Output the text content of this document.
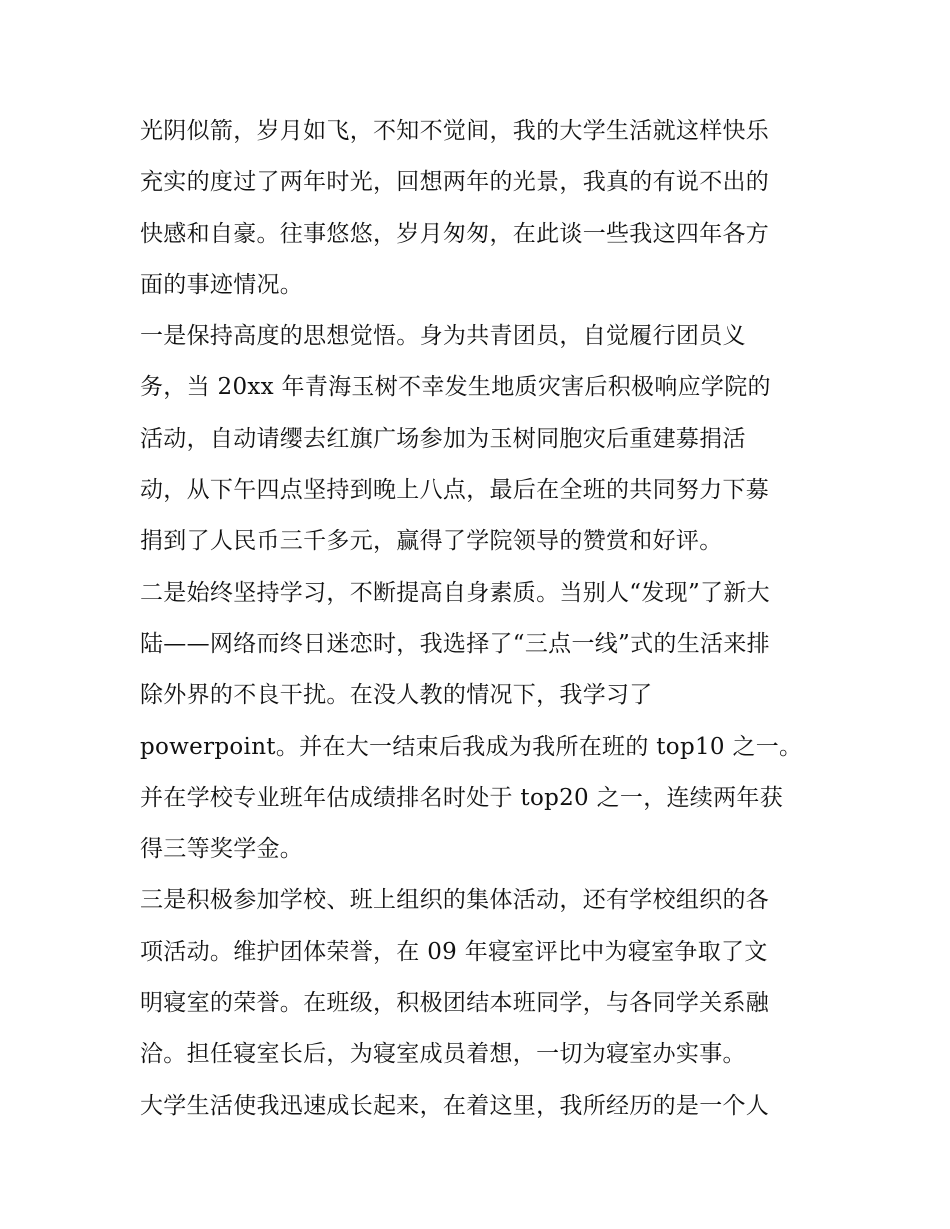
光阴似箭，岁月如飞，不知不觉间，我的大学生活就这样快乐
充实的度过了两年时光，回想两年的光景，我真的有说不出的
快感和自豪。往事悠悠，岁月匆匆，在此谈一些我这四年各方
面的事迹情况。
一是保持高度的思想觉悟。身为共青团员，自觉履行团员义
务，当 20xx 年青海玉树不幸发生地质灾害后积极响应学院的
活动，自动请缨去红旗广场参加为玉树同胞灾后重建募捐活
动，从下午四点坚持到晚上八点，最后在全班的共同努力下募
捐到了人民币三千多元，赢得了学院领导的赞赏和好评。
二是始终坚持学习，不断提高自身素质。当别人“发现”了新大
陆——网络而终日迷恋时，我选择了“三点一线”式的生活来排
除外界的不良干扰。在没人教的情况下，我学习了
powerpoint。并在大一结束后我成为我所在班的 top10 之一。
并在学校专业班年估成绩排名时处于 top20 之一，连续两年获
得三等奖学金。
三是积极参加学校、班上组织的集体活动，还有学校组织的各
项活动。维护团体荣誉，在 09 年寝室评比中为寝室争取了文
明寝室的荣誉。在班级，积极团结本班同学，与各同学关系融
洽。担任寝室长后，为寝室成员着想，一切为寝室办实事。
大学生活使我迅速成长起来，在着这里，我所经历的是一个人
